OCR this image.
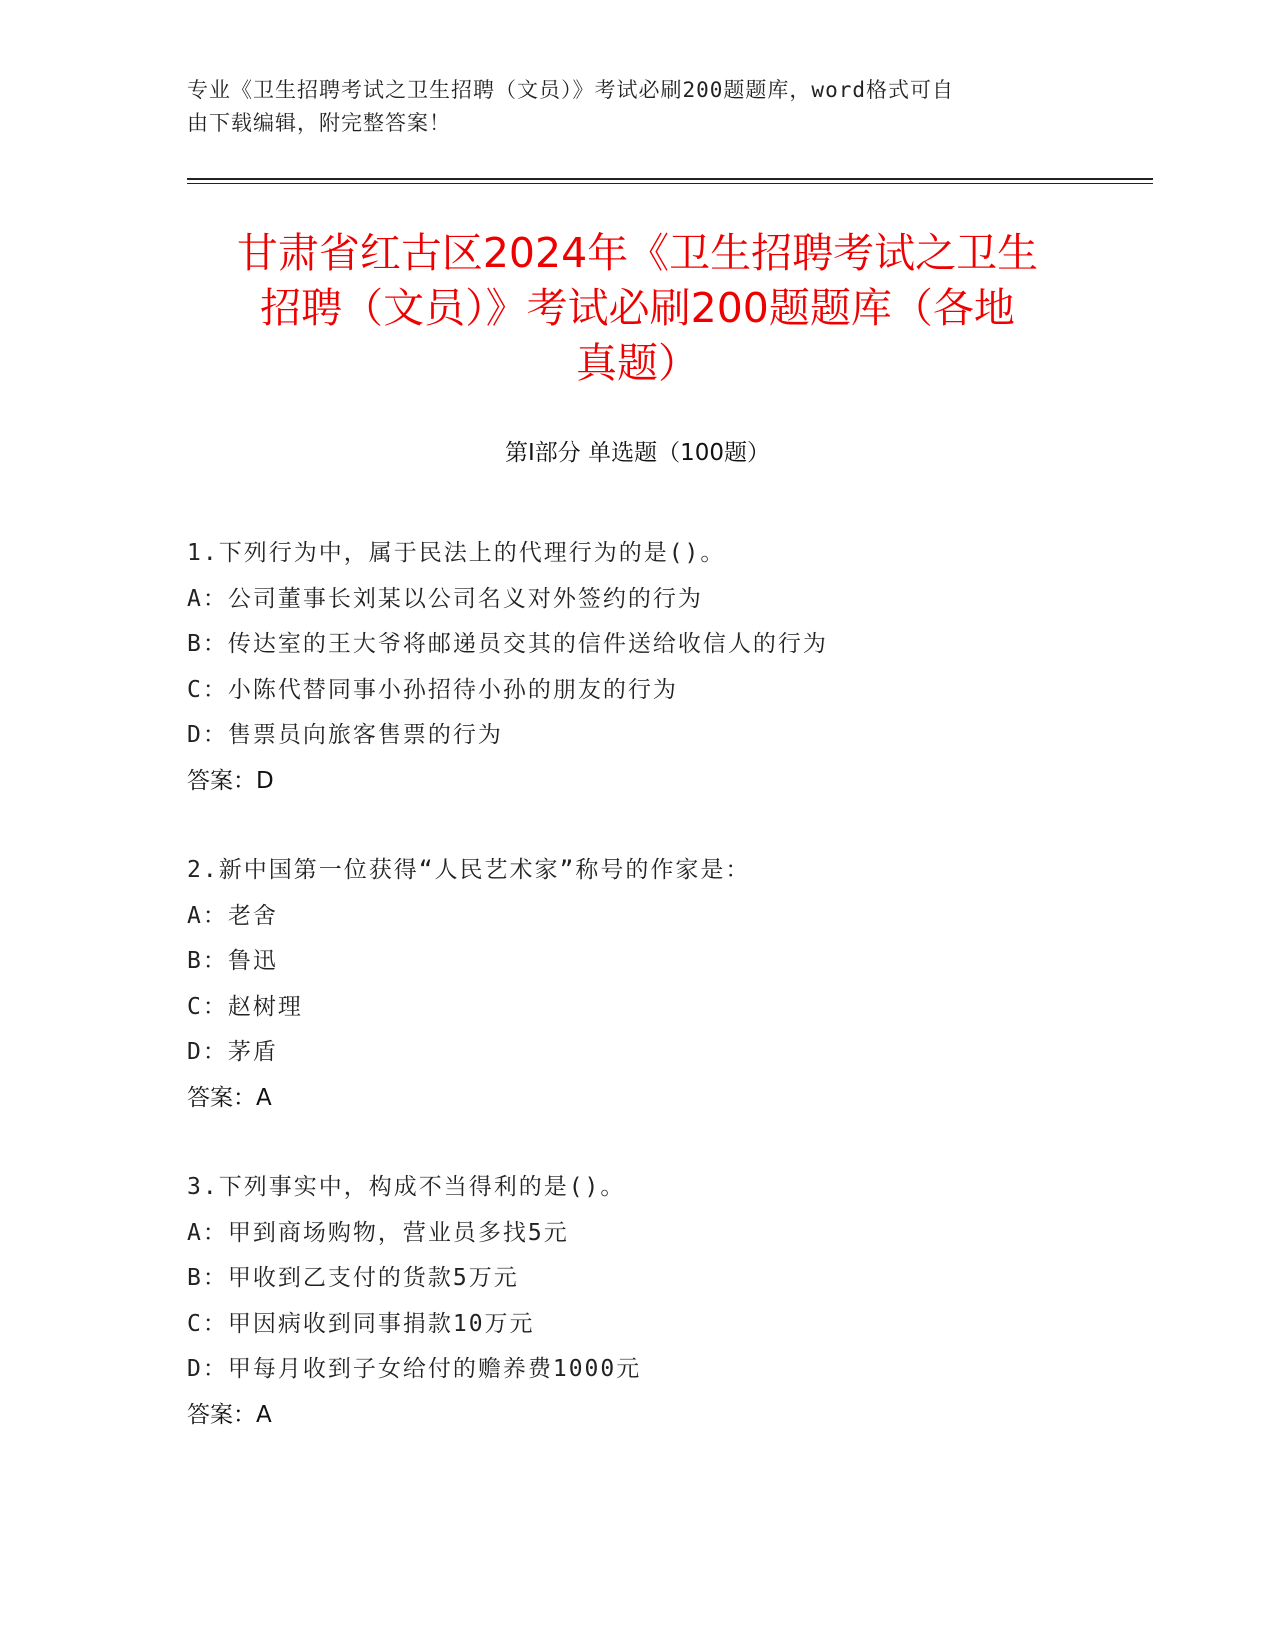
专业《卫生招聘考试之卫生招聘（文员）》考试必刷200题题库，word格式可自
由下载编辑，附完整答案！
甘肃省红古区2024年《卫生招聘考试之卫生
招聘（文员）》考试必刷200题题库（各地
真题）
第Ⅰ部分 单选题（100题）
1.下列行为中，属于民法上的代理行为的是()。
A：公司董事长刘某以公司名义对外签约的行为
B：传达室的王大爷将邮递员交其的信件送给收信人的行为
C：小陈代替同事小孙招待小孙的朋友的行为
D：售票员向旅客售票的行为
答案：D
2.新中国第一位获得“人民艺术家”称号的作家是：
A：老舍
B：鲁迅
C：赵树理
D：茅盾
答案：A
3.下列事实中，构成不当得利的是()。
A：甲到商场购物，营业员多找5元
B：甲收到乙支付的货款5万元
C：甲因病收到同事捐款10万元
D：甲每月收到子女给付的赡养费1000元
答案：A
